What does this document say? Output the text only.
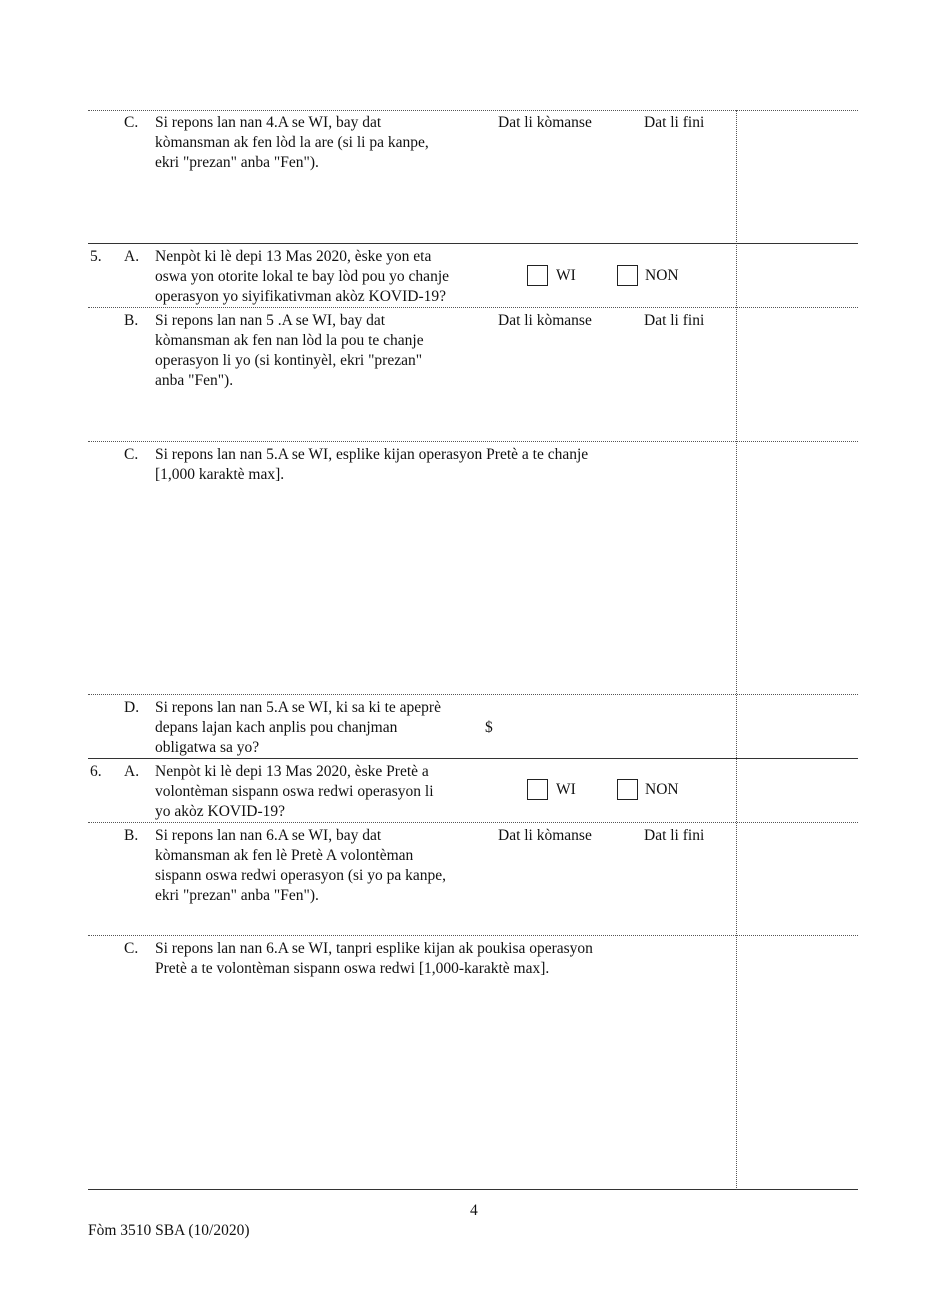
C. Si repons lan nan 4.A se WI, bay dat
kòmansman ak fen lòd la are (si li pa kanpe,
ekri "prezan" anba "Fen").
Dat li kòmanse	Dat li fini
5. A. Nenpòt ki lè depi 13 Mas 2020, èske yon eta
oswa yon otorite lokal te bay lòd pou yo chanje
operasyon yo siyifikativman akòz KOVID-19?
WI	NON
B. Si repons lan nan 5 .A se WI, bay dat
kòmansman ak fen nan lòd la pou te chanje
operasyon li yo (si kontinyèl, ekri "prezan"
anba "Fen").
Dat li kòmanse	Dat li fini
C. Si repons lan nan 5.A se WI, esplike kijan operasyon Pretè a te chanje
[1,000 karaktè max].
D. Si repons lan nan 5.A se WI, ki sa ki te apeprè
depans lajan kach anplis pou chanjman
obligatwa sa yo?
$
6. A. Nenpòt ki lè depi 13 Mas 2020, èske Pretè a
volontèman sispann oswa redwi operasyon li
yo akòz KOVID-19?
WI	NON
B. Si repons lan nan 6.A se WI, bay dat
kòmansman ak fen lè Pretè A volontèman
sispann oswa redwi operasyon (si yo pa kanpe,
ekri "prezan" anba "Fen").
Dat li kòmanse	Dat li fini
C. Si repons lan nan 6.A se WI, tanpri esplike kijan ak poukisa operasyon
Pretè a te volontèman sispann oswa redwi [1,000-karaktè max].
4
Fòm 3510 SBA (10/2020)
